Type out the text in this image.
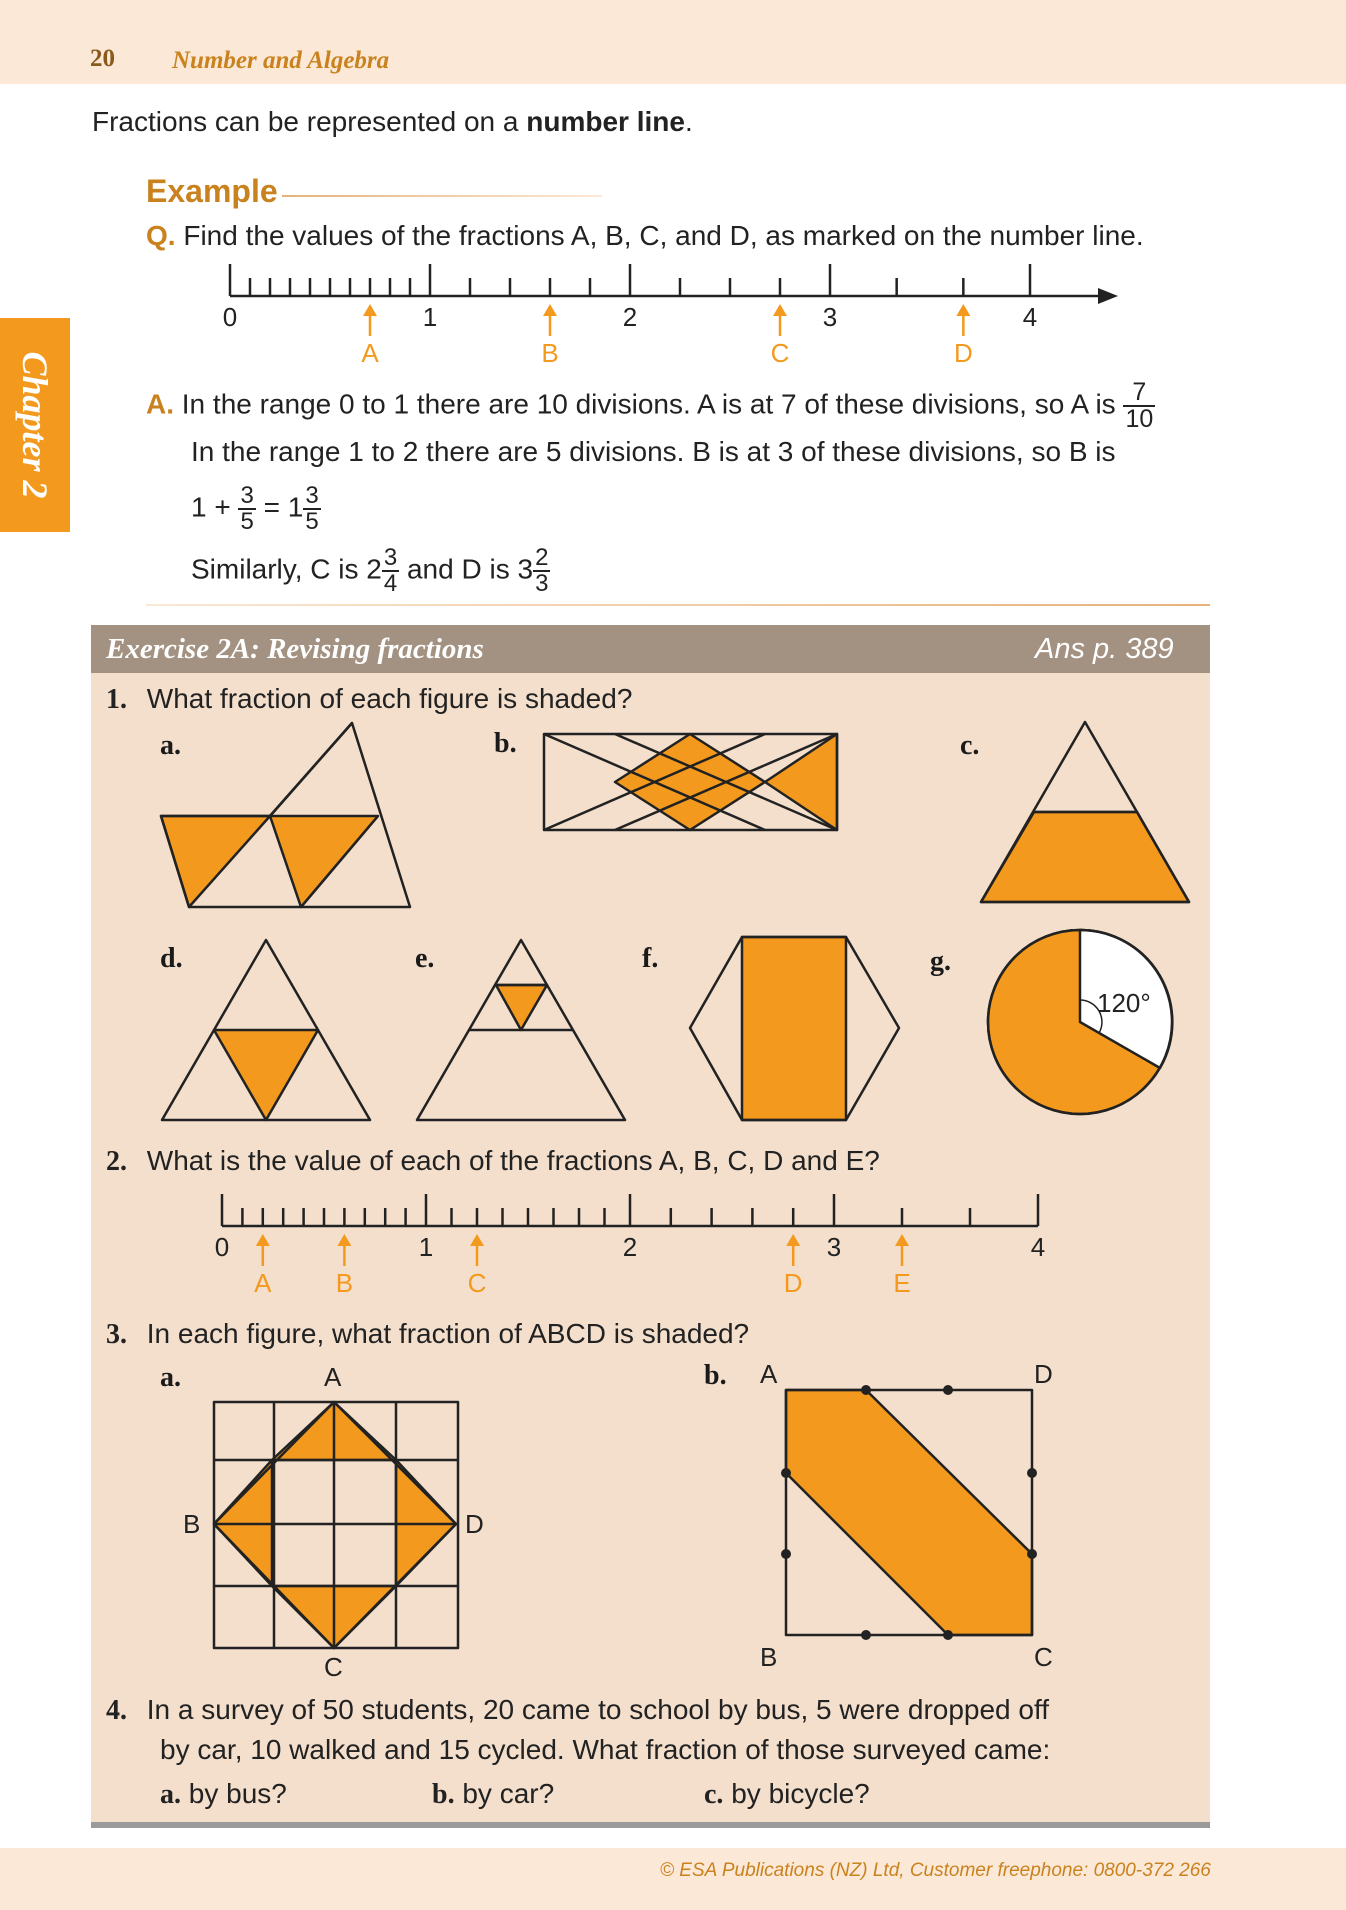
20 Number and Algebra
Chapter 2
Fractions can be represented on a number line.
Example
Q. Find the values of the fractions A, B, C, and D, as marked on the number line.
0	1	2	3	4
A	B	C	D
A. In the range 0 to 1 there are 10 divisions. A is at 7 of these divisions, so A is $\frac{7}{10}$
In the range 1 to 2 there are 5 divisions. B is at 3 of these divisions, so B is
$1 + \frac{3}{5} = 1 \frac{3}{5}$
Similarly, C is $2 \frac{3}{4}$ and D is $3 \frac{2}{3}$
Exercise 2A: Revising fractions	Ans p. 389
1. What fraction of each figure is shaded?
a.	b.	c.
d.	e.	f.	g.
120°
2. What is the value of each of the fractions A, B, C, D and E?
0	1	2	3	4
A B	C	D	E
3. In each figure, what fraction of ABCD is shaded?
a.	b.
A
B
C
D
A
B	C
D
4. In a survey of 50 students, 20 came to school by bus, 5 were dropped off
by car, 10 walked and 15 cycled. What fraction of those surveyed came:
a. by bus?	b. by car?	c. by bicycle?
© ESA Publications (NZ) Ltd, Customer freephone: 0800-372 266
